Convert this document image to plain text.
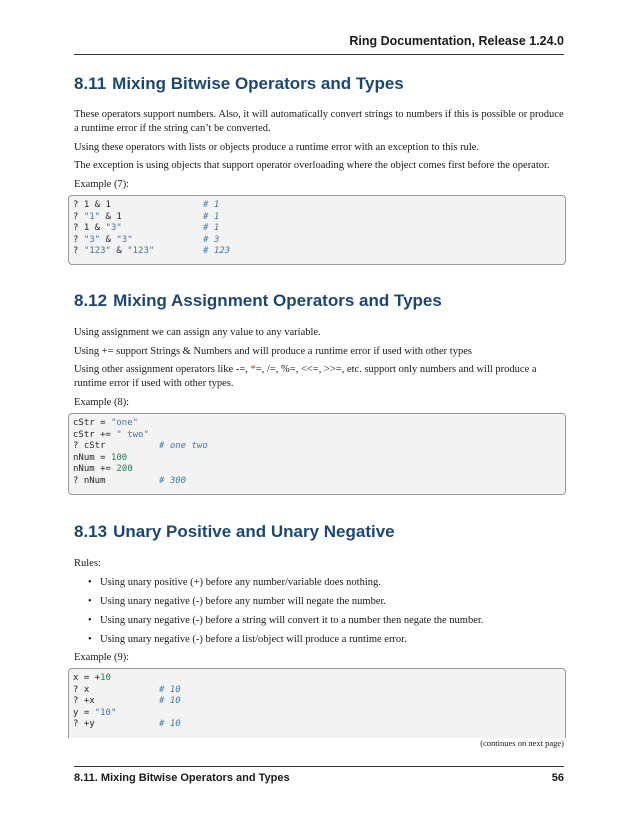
Ring Documentation, Release 1.24.0
8.11 Mixing Bitwise Operators and Types

These operators support numbers. Also, it will automatically convert strings to numbers if this is possible or produce a runtime error if the string can’t be converted.

Using these operators with lists or objects produce a runtime error with an exception to this rule.

The exception is using objects that support operator overloading where the object comes first before the operator.

Example (7):

? 1 & 1	# 1
? "1" & 1	# 1
? 1 & "3"	# 1
? "3" & "3"	# 3
? "123" & "123"	# 123
8.12 Mixing Assignment Operators and Types

Using assignment we can assign any value to any variable.

Using += support Strings & Numbers and will produce a runtime error if used with other types

Using other assignment operators like -=, *=, /=, %=, <<=, >>=, etc. support only numbers and will produce a runtime error if used with other types.

Example (8):

cStr = "one"
cStr += " two"
? cStr	# one two
nNum = 100
nNum += 200
? nNum	# 300
8.13 Unary Positive and Unary Negative

Rules:

• Using unary positive (+) before any number/variable does nothing.
• Using unary negative (-) before any number will negate the number.
• Using unary negative (-) before a string will convert it to a number then negate the number.
• Using unary negative (-) before a list/object will produce a runtime error.

Example (9):

x = +10
? x	# 10
? +x	# 10
y = "10"
? +y	# 10
(continues on next page)
8.11. Mixing Bitwise Operators and Types	56
